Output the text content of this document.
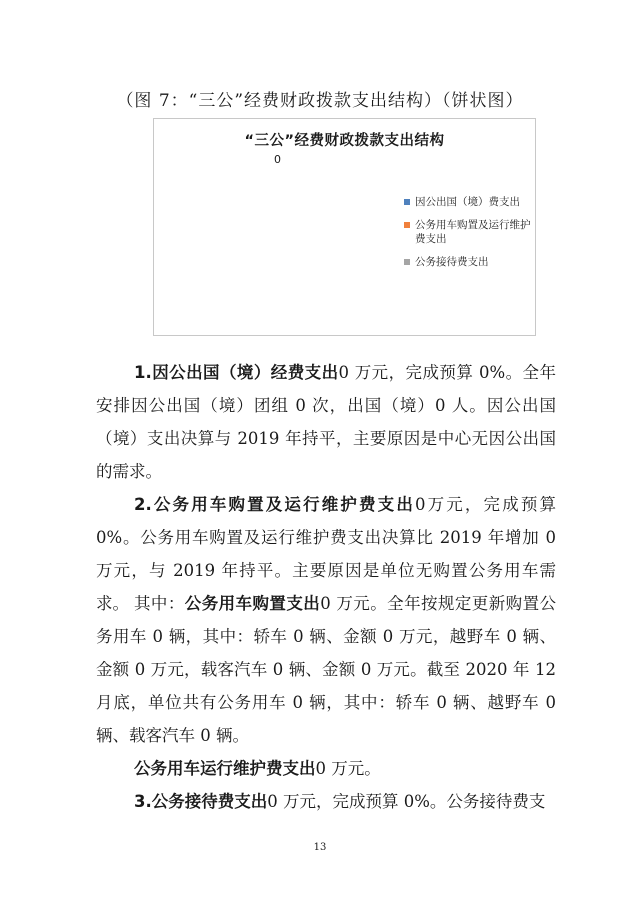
（图 7：“三公”经费财政拨款支出结构）（饼状图）
“三公”经费财政拨款支出结构
0
因公出国（境）费支出
公务用车购置及运行维护费支出
公务接待费支出

1.因公出国（境）经费支出0 万元，完成预算 0%。全年安排因公出国（境）团组 0 次，出国（境）0 人。因公出国（境）支出决算与 2019 年持平，主要原因是中心无因公出国的需求。

2.公务用车购置及运行维护费支出0万元，完成预算 0%。公务用车购置及运行维护费支出决算比 2019 年增加 0 万元，与 2019 年持平。主要原因是单位无购置公务用车需求。 其中：公务用车购置支出0 万元。全年按规定更新购置公务用车 0 辆，其中：轿车 0 辆、金额 0 万元，越野车 0 辆、金额 0 万元，载客汽车 0 辆、金额 0 万元。截至 2020 年 12 月底，单位共有公务用车 0 辆，其中：轿车 0 辆、越野车 0 辆、载客汽车 0 辆。

公务用车运行维护费支出0 万元。

3.公务接待费支出0 万元，完成预算 0%。公务接待费支

13
